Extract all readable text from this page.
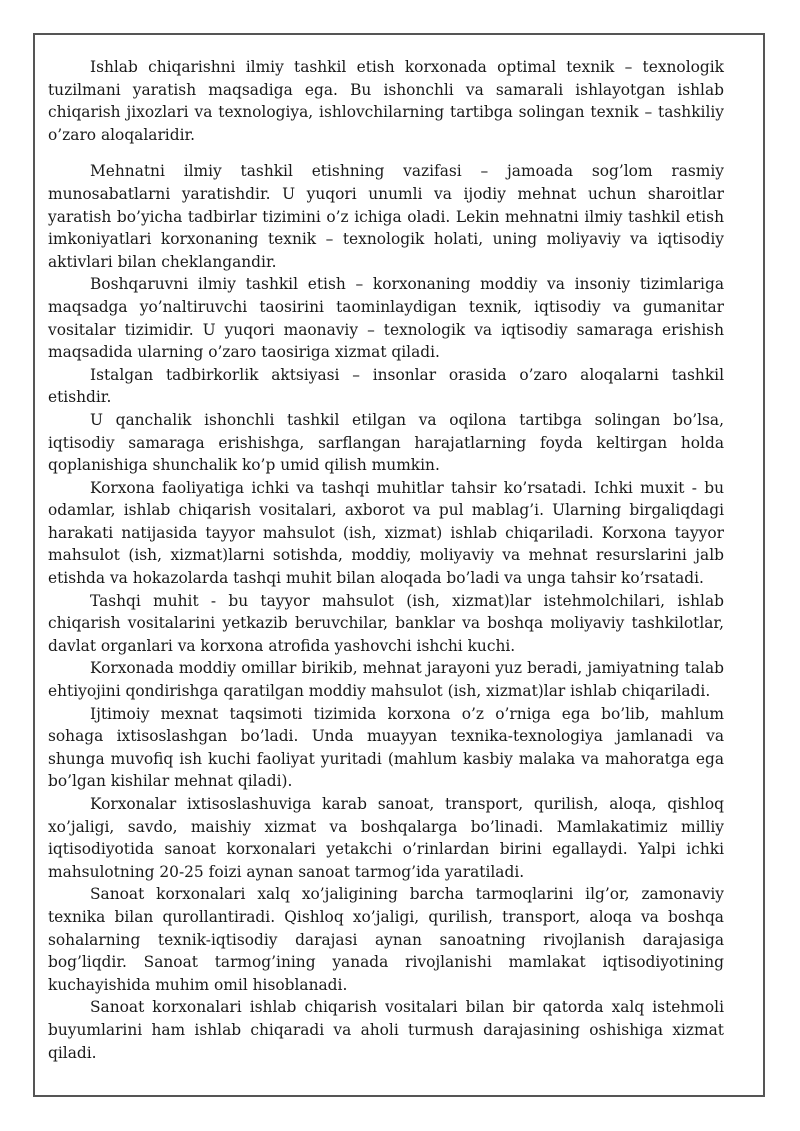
Ishlab chiqarishni ilmiy tashkil etish korxonada optimal texnik – texnologik tuzilmani yaratish maqsadiga ega. Bu ishonchli va samarali ishlayotgan ishlab chiqarish jixozlari va texnologiya, ishlovchilarning tartibga solingan texnik – tashkiliy o’zaro aloqalaridir.

Mehnatni ilmiy tashkil etishning vazifasi – jamoada sog’lom rasmiy munosabatlarni yaratishdir. U yuqori unumli va ijodiy mehnat uchun sharoitlar yaratish bo’yicha tadbirlar tizimini o’z ichiga oladi. Lekin mehnatni ilmiy tashkil etish imkoniyatlari korxonaning texnik – texnologik holati, uning moliyaviy va iqtisodiy aktivlari bilan cheklangandir.

Boshqaruvni ilmiy tashkil etish – korxonaning moddiy va insoniy tizimlariga maqsadga yo’naltiruvchi taosirini taominlaydigan texnik, iqtisodiy va gumanitar vositalar tizimidir. U yuqori maonaviy – texnologik va iqtisodiy samaraga erishish maqsadida ularning o’zaro taosiriga xizmat qiladi.

Istalgan tadbirkorlik aktsiyasi – insonlar orasida o’zaro aloqalarni tashkil etishdir.

U qanchalik ishonchli tashkil etilgan va oqilona tartibga solingan bo’lsa, iqtisodiy samaraga erishishga, sarflangan harajatlarning foyda keltirgan holda qoplanishiga shunchalik ko’p umid qilish mumkin.

Korxona faoliyatiga ichki va tashqi muhitlar tahsir ko’rsatadi. Ichki muxit - bu odamlar, ishlab chiqarish vositalari, axborot va pul mablag’i. Ularning birgaliqdagi harakati natijasida tayyor mahsulot (ish, xizmat) ishlab chiqariladi. Korxona tayyor mahsulot (ish, xizmat)larni sotishda, moddiy, moliyaviy va mehnat resurslarini jalb etishda va hokazolarda tashqi muhit bilan aloqada bo’ladi va unga tahsir ko’rsatadi.

Tashqi muhit - bu tayyor mahsulot (ish, xizmat)lar istehmolchilari, ishlab chiqarish vositalarini yetkazib beruvchilar, banklar va boshqa moliyaviy tashkilotlar, davlat organlari va korxona atrofida yashovchi ishchi kuchi.

Korxonada moddiy omillar birikib, mehnat jarayoni yuz beradi, jamiyatning talab ehtiyojini qondirishga qaratilgan moddiy mahsulot (ish, xizmat)lar ishlab chiqariladi.

Ijtimoiy mexnat taqsimoti tizimida korxona o’z o’rniga ega bo’lib, mahlum sohaga ixtisoslashgan bo’ladi. Unda muayyan texnika-texnologiya jamlanadi va shunga muvofiq ish kuchi faoliyat yuritadi (mahlum kasbiy malaka va mahoratga ega bo’lgan kishilar mehnat qiladi).

Korxonalar ixtisoslashuviga karab sanoat, transport, qurilish, aloqa, qishloq xo’jaligi, savdo, maishiy xizmat va boshqalarga bo’linadi. Mamlakatimiz milliy iqtisodiyotida sanoat korxonalari yetakchi o’rinlardan birini egallaydi. Yalpi ichki mahsulotning 20-25 foizi aynan sanoat tarmog’ida yaratiladi.

Sanoat korxonalari xalq xo’jaligining barcha tarmoqlarini ilg’or, zamonaviy texnika bilan qurollantiradi. Qishloq xo’jaligi, qurilish, transport, aloqa va boshqa sohalarning texnik-iqtisodiy darajasi aynan sanoatning rivojlanish darajasiga bog’liqdir. Sanoat tarmog’ining yanada rivojlanishi mamlakat iqtisodiyotining kuchayishida muhim omil hisoblanadi.

Sanoat korxonalari ishlab chiqarish vositalari bilan bir qatorda xalq istehmoli buyumlarini ham ishlab chiqaradi va aholi turmush darajasining oshishiga xizmat qiladi.
